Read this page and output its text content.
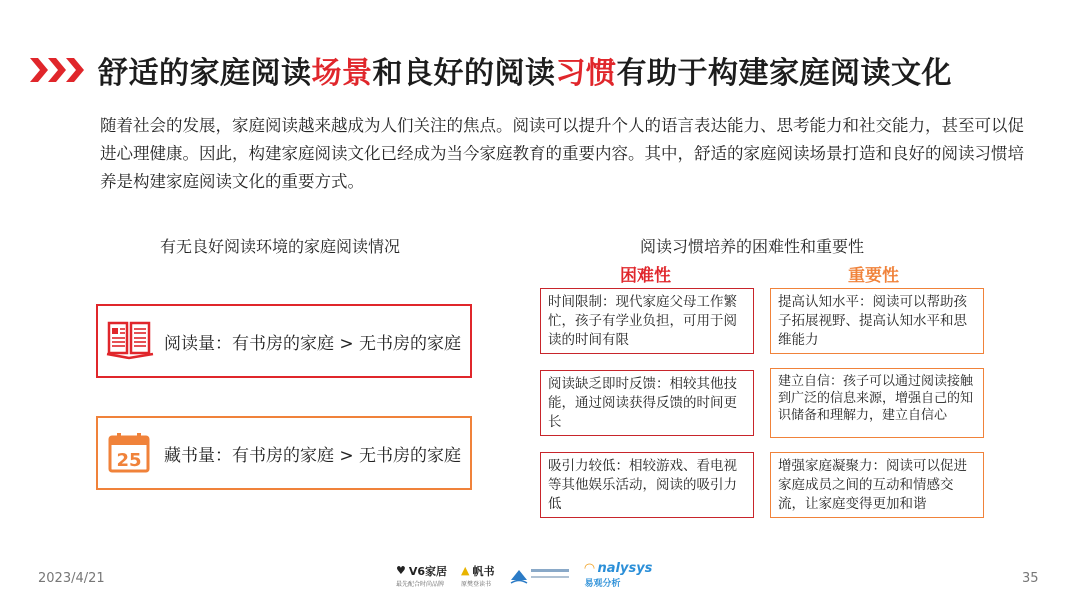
舒适的家庭阅读场景和良好的阅读习惯有助于构建家庭阅读文化
随着社会的发展，家庭阅读越来越成为人们关注的焦点。阅读可以提升个人的语言表达能力、思考能力和社交能力，甚至可以促进心理健康。因此，构建家庭阅读文化已经成为当今家庭教育的重要内容。其中，舒适的家庭阅读场景打造和良好的阅读习惯培养是构建家庭阅读文化的重要方式。
有无良好阅读环境的家庭阅读情况
阅读量：有书房的家庭 > 无书房的家庭
25 藏书量：有书房的家庭 > 无书房的家庭
阅读习惯培养的困难性和重要性
困难性	重要性
时间限制：现代家庭父母工作繁忙，孩子有学业负担，可用于阅读的时间有限
阅读缺乏即时反馈：相较其他技能，通过阅读获得反馈的时间更长
吸引力较低：相较游戏、看电视等其他娱乐活动，阅读的吸引力低
提高认知水平：阅读可以帮助孩子拓展视野、提高认知水平和思维能力
建立自信：孩子可以通过阅读接触到广泛的信息来源，增强自己的知识储备和理解力，建立自信心
增强家庭凝聚力：阅读可以促进家庭成员之间的互动和情感交流，让家庭变得更加和谐
2023/4/21	35
♥ V6家居
最先配合时尚品牌
▲ 帆书
原樊登读书
◠ nalysys
易观分析
